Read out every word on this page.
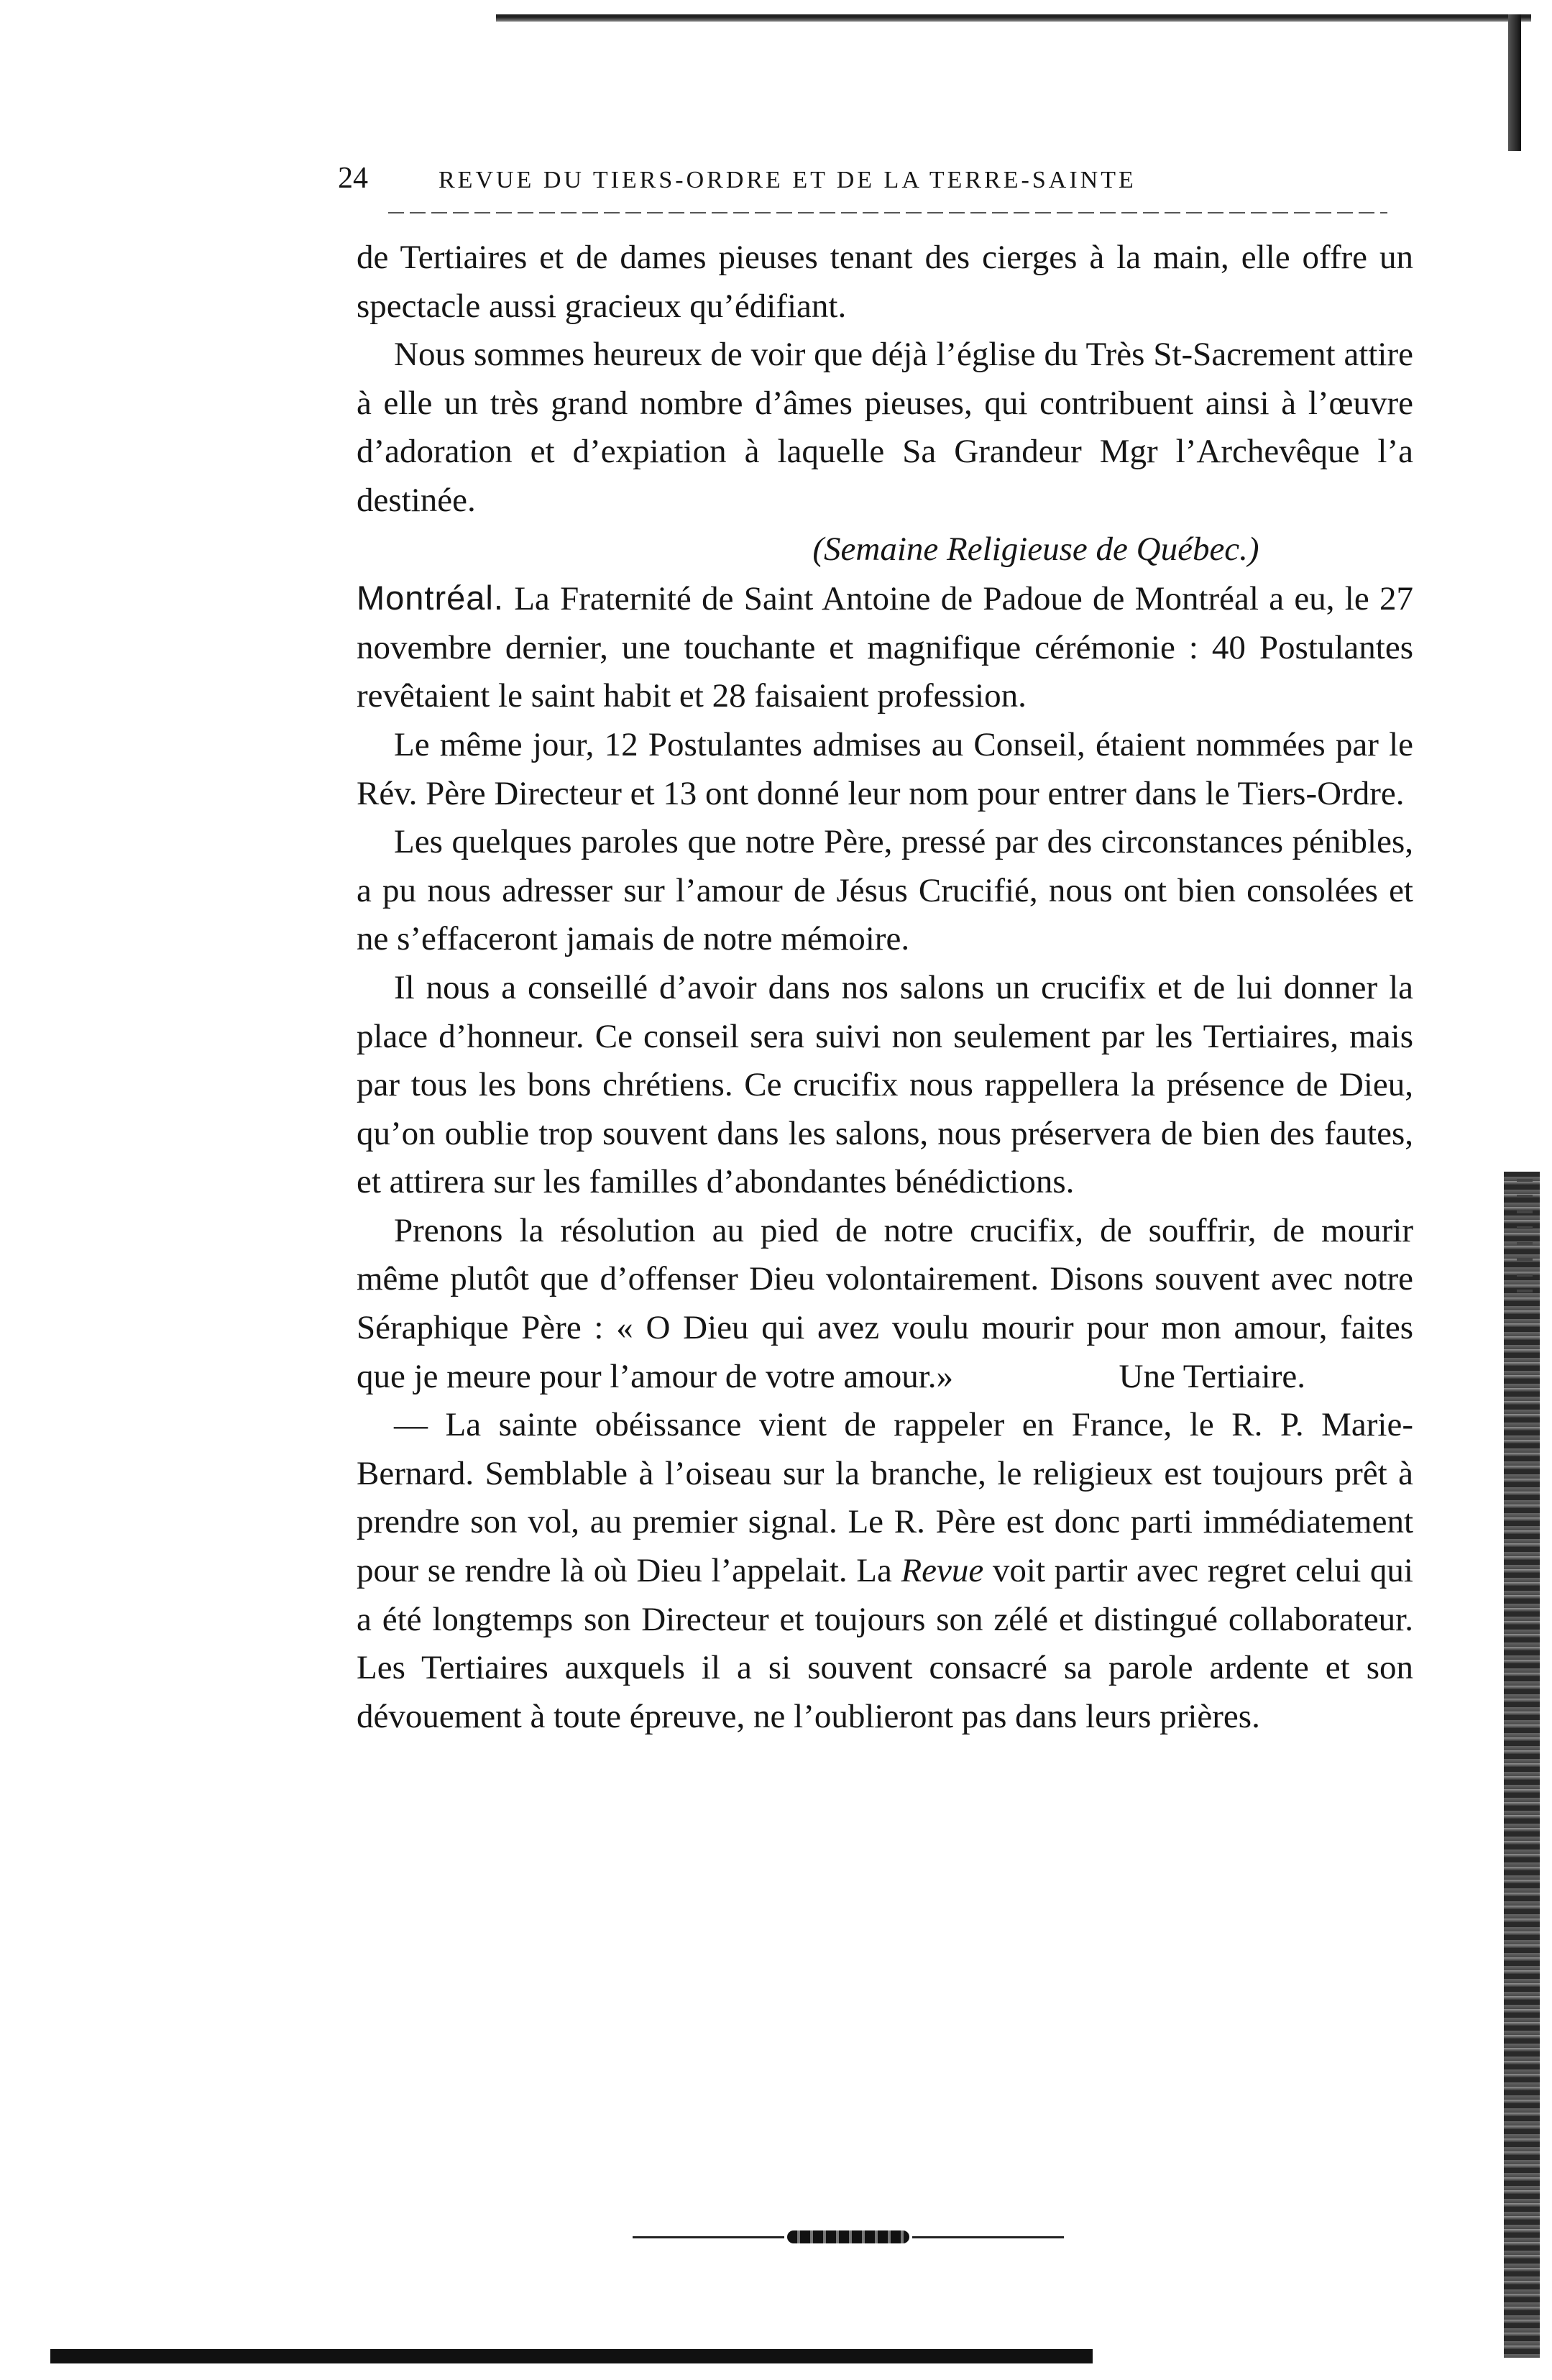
24	REVUE DU TIERS-ORDRE ET DE LA TERRE-SAINTE

de Tertiaires et de dames pieuses tenant des cierges à la main, elle offre un spectacle aussi gracieux qu’édifiant.

Nous sommes heureux de voir que déjà l’église du Très St-Sacrement attire à elle un très grand nombre d’âmes pieuses, qui contribuent ainsi à l’œuvre d’adoration et d’expiation à laquelle Sa Grandeur Mgr l’Archevêque l’a destinée.

(Semaine Religieuse de Québec.)

Montréal. La Fraternité de Saint Antoine de Padoue de Montréal a eu, le 27 novembre dernier, une touchante et magnifique cérémonie : 40 Postulantes revêtaient le saint habit et 28 faisaient profession.

Le même jour, 12 Postulantes admises au Conseil, étaient nommées par le Rév. Père Directeur et 13 ont donné leur nom pour entrer dans le Tiers-Ordre.

Les quelques paroles que notre Père, pressé par des circonstances pénibles, a pu nous adresser sur l’amour de Jésus Crucifié, nous ont bien consolées et ne s’effaceront jamais de notre mémoire.

Il nous a conseillé d’avoir dans nos salons un crucifix et de lui donner la place d’honneur. Ce conseil sera suivi non seulement par les Tertiaires, mais par tous les bons chrétiens. Ce crucifix nous rappellera la présence de Dieu, qu’on oublie trop souvent dans les salons, nous préservera de bien des fautes, et attirera sur les familles d’abondantes bénédictions.

Prenons la résolution au pied de notre crucifix, de souffrir, de mourir même plutôt que d’offenser Dieu volontairement. Disons souvent avec notre Séraphique Père : « O Dieu qui avez voulu mourir pour mon amour, faites que je meure pour l’amour de votre amour.»	Une Tertiaire.

— La sainte obéissance vient de rappeler en France, le R. P. Marie-Bernard. Semblable à l’oiseau sur la branche, le religieux est toujours prêt à prendre son vol, au premier signal. Le R. Père est donc parti immédiatement pour se rendre là où Dieu l’appelait. La Revue voit partir avec regret celui qui a été longtemps son Directeur et toujours son zélé et distingué collaborateur. Les Tertiaires auxquels il a si souvent consacré sa parole ardente et son dévouement à toute épreuve, ne l’oublieront pas dans leurs prières.
